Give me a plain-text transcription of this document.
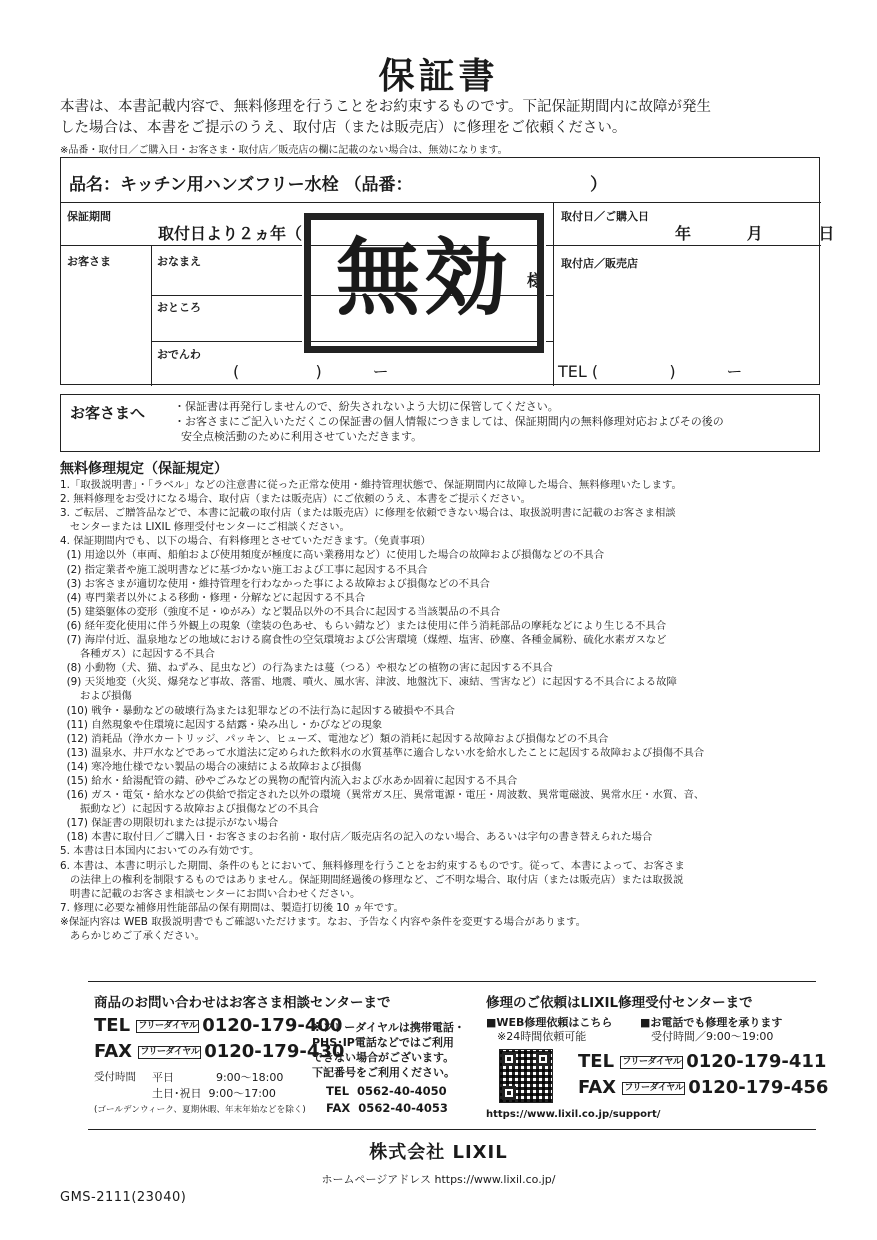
保証書
本書は、本書記載内容で、無料修理を行うことをお約束するものです。下記保証期間内に故障が発生
した場合は、本書をご提示のうえ、取付店（または販売店）に修理をご依頼ください。
※品番・取付日／ご購入日・お客さま・取付店／販売店の欄に記載のない場合は、無効になります。
品名：キッチン用ハンズフリー水栓 （品番：                              ）
保証期間
取付日より２ヵ年（
取付日／ご購入日
年          月          日
お客さま	おなまえ
様
おところ
おでんわ
(               )          ー
取付店／販売店
TEL (              )          ー
無効
お客さまへ	・保証書は再発行しませんので、紛失されないよう大切に保管してください。
・お客さまにご記入いただくこの保証書の個人情報につきましては、保証期間内の無料修理対応およびその後の
安全点検活動のために利用させていただきます。
無料修理規定（保証規定）
1.「取扱説明書」・「ラベル」などの注意書に従った正常な使用・維持管理状態で、保証期間内に故障した場合、無料修理いたします。
2. 無料修理をお受けになる場合、取付店（または販売店）にご依頼のうえ、本書をご提示ください。
3. ご転居、ご贈答品などで、本書に記載の取付店（または販売店）に修理を依頼できない場合は、取扱説明書に記載のお客さま相談
センターまたは LIXIL 修理受付センターにご相談ください。
4. 保証期間内でも、以下の場合、有料修理とさせていただきます。（免責事項）
(1) 用途以外（車両、船舶および使用頻度が極度に高い業務用など）に使用した場合の故障および損傷などの不具合
(2) 指定業者や施工説明書などに基づかない施工および工事に起因する不具合
(3) お客さまが適切な使用・維持管理を行わなかった事による故障および損傷などの不具合
(4) 専門業者以外による移動・修理・分解などに起因する不具合
(5) 建築躯体の変形（強度不足・ゆがみ）など製品以外の不具合に起因する当該製品の不具合
(6) 経年変化使用に伴う外観上の現象（塗装の色あせ、もらい錆など）または使用に伴う消耗部品の摩耗などにより生じる不具合
(7) 海岸付近、温泉地などの地域における腐食性の空気環境および公害環境（煤煙、塩害、砂塵、各種金属粉、硫化水素ガスなど
各種ガス）に起因する不具合
(8) 小動物（犬、猫、ねずみ、昆虫など）の行為または蔓（つる）や根などの植物の害に起因する不具合
(9) 天災地変（火災、爆発など事故、落雷、地震、噴火、風水害、津波、地盤沈下、凍結、雪害など）に起因する不具合による故障
および損傷
(10) 戦争・暴動などの破壊行為または犯罪などの不法行為に起因する破損や不具合
(11) 自然現象や住環境に起因する結露・染み出し・かびなどの現象
(12) 消耗品（浄水カートリッジ、パッキン、ヒューズ、電池など）類の消耗に起因する故障および損傷などの不具合
(13) 温泉水、井戸水などであって水道法に定められた飲料水の水質基準に適合しない水を給水したことに起因する故障および損傷不具合
(14) 寒冷地仕様でない製品の場合の凍結による故障および損傷
(15) 給水・給湯配管の錆、砂やごみなどの異物の配管内流入および水あか固着に起因する不具合
(16) ガス・電気・給水などの供給で指定された以外の環境（異常ガス圧、異常電源・電圧・周波数、異常電磁波、異常水圧・水質、音、
振動など）に起因する故障および損傷などの不具合
(17) 保証書の期限切れまたは提示がない場合
(18) 本書に取付日／ご購入日・お客さまのお名前・取付店／販売店名の記入のない場合、あるいは字句の書き替えられた場合
5. 本書は日本国内においてのみ有効です。
6. 本書は、本書に明示した期間、条件のもとにおいて、無料修理を行うことをお約束するものです。従って、本書によって、お客さま
の法律上の権利を制限するものではありません。保証期間経過後の修理など、ご不明な場合、取付店（または販売店）または取扱説
明書に記載のお客さま相談センターにお問い合わせください。
7. 修理に必要な補修用性能部品の保有期間は、製造打切後 10 ヵ年です。
※保証内容は WEB 取扱説明書でもご確認いただけます。なお、予告なく内容や条件を変更する場合があります。
あらかじめご了承ください。
商品のお問い合わせはお客さま相談センターまで
TEL フリーダイヤル 0120-179-400
FAX フリーダイヤル 0120-179-430
※フリーダイヤルは携帯電話・
PHS･IP電話などではご利用
できない場合がございます。
下記番号をご利用ください。
TEL  0562-40-4050
FAX  0562-40-4053
受付時間 平日            9:00〜18:00
土日･祝日  9:00〜17:00
(ゴールデンウィーク、夏期休暇、年末年始などを除く)
修理のご依頼はLIXIL修理受付センターまで
■WEB修理依頼はこちら
※24時間依頼可能
■お電話でも修理を承ります
受付時間／9:00〜19:00
TEL フリーダイヤル 0120-179-411
FAX フリーダイヤル 0120-179-456
https://www.lixil.co.jp/support/
株式会社 LIXIL
ホームページアドレス https://www.lixil.co.jp/
GMS-2111(23040)
